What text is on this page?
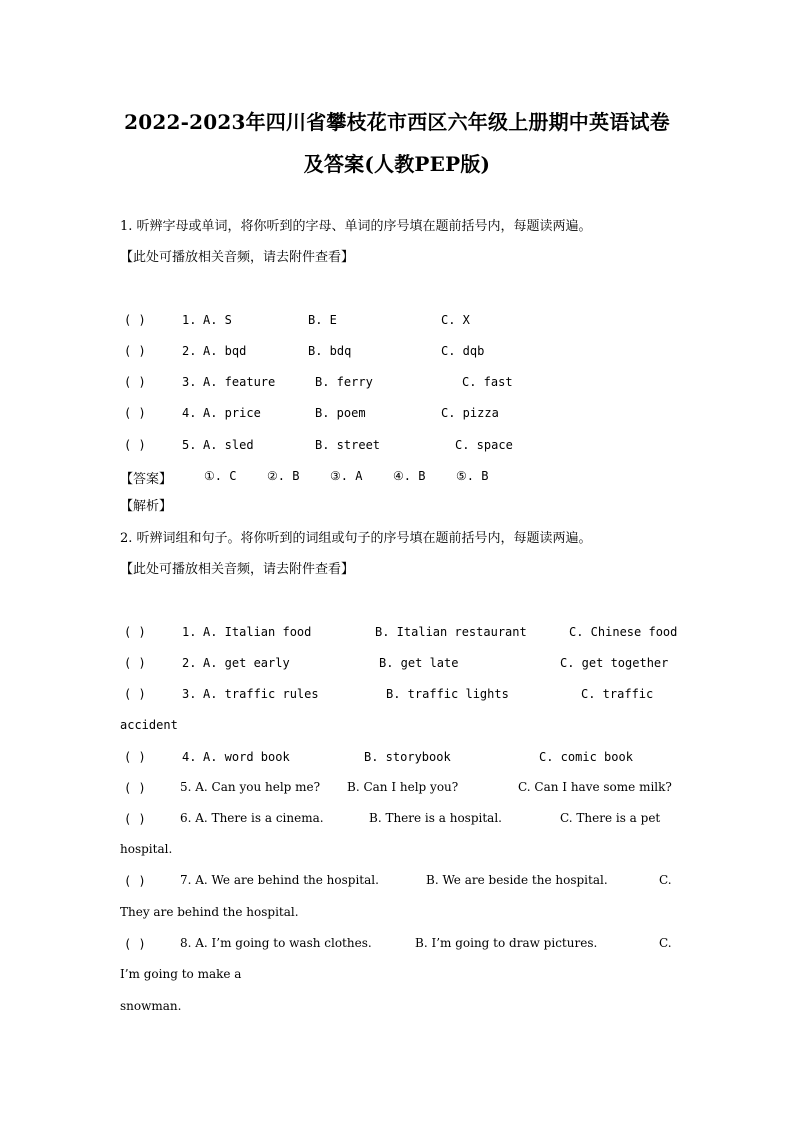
2022-2023年四川省攀枝花市西区六年级上册期中英语试卷
及答案(人教PEP版)
1. 听辨字母或单词，将你听到的字母、单词的序号填在题前括号内，每题读两遍。
【此处可播放相关音频，请去附件查看】
( )	1. A. S	B. E	C. X
( )	2. A. bqd	B. bdq	C. dqb
( )	3. A. feature	B. ferry	C. fast
( )	4. A. price	B. poem	C. pizza
( )	5. A. sled	B. street	C. space
【答案】	①. C	②. B	③. A	④. B	⑤. B
【解析】
2. 听辨词组和句子。将你听到的词组或句子的序号填在题前括号内，每题读两遍。
【此处可播放相关音频，请去附件查看】
( )	1. A. Italian food	B. Italian restaurant	C. Chinese food
( )	2. A. get early	B. get late	C. get together
( )	3. A. traffic rules	B. traffic lights	C. traffic
accident
( )	4. A. word book	B. storybook	C. comic book
( )	5. A. Can you help me? B. Can I help you?	C. Can I have some milk?
( )	6. A. There is a cinema.	B. There is a hospital.	C. There is a pet
hospital.
( )	7. A. We are behind the hospital.	B. We are beside the hospital.	C.
They are behind the hospital.
( )	8. A. I’m going to wash clothes.	B. I’m going to draw pictures.	C.
I’m going to make a
snowman.
